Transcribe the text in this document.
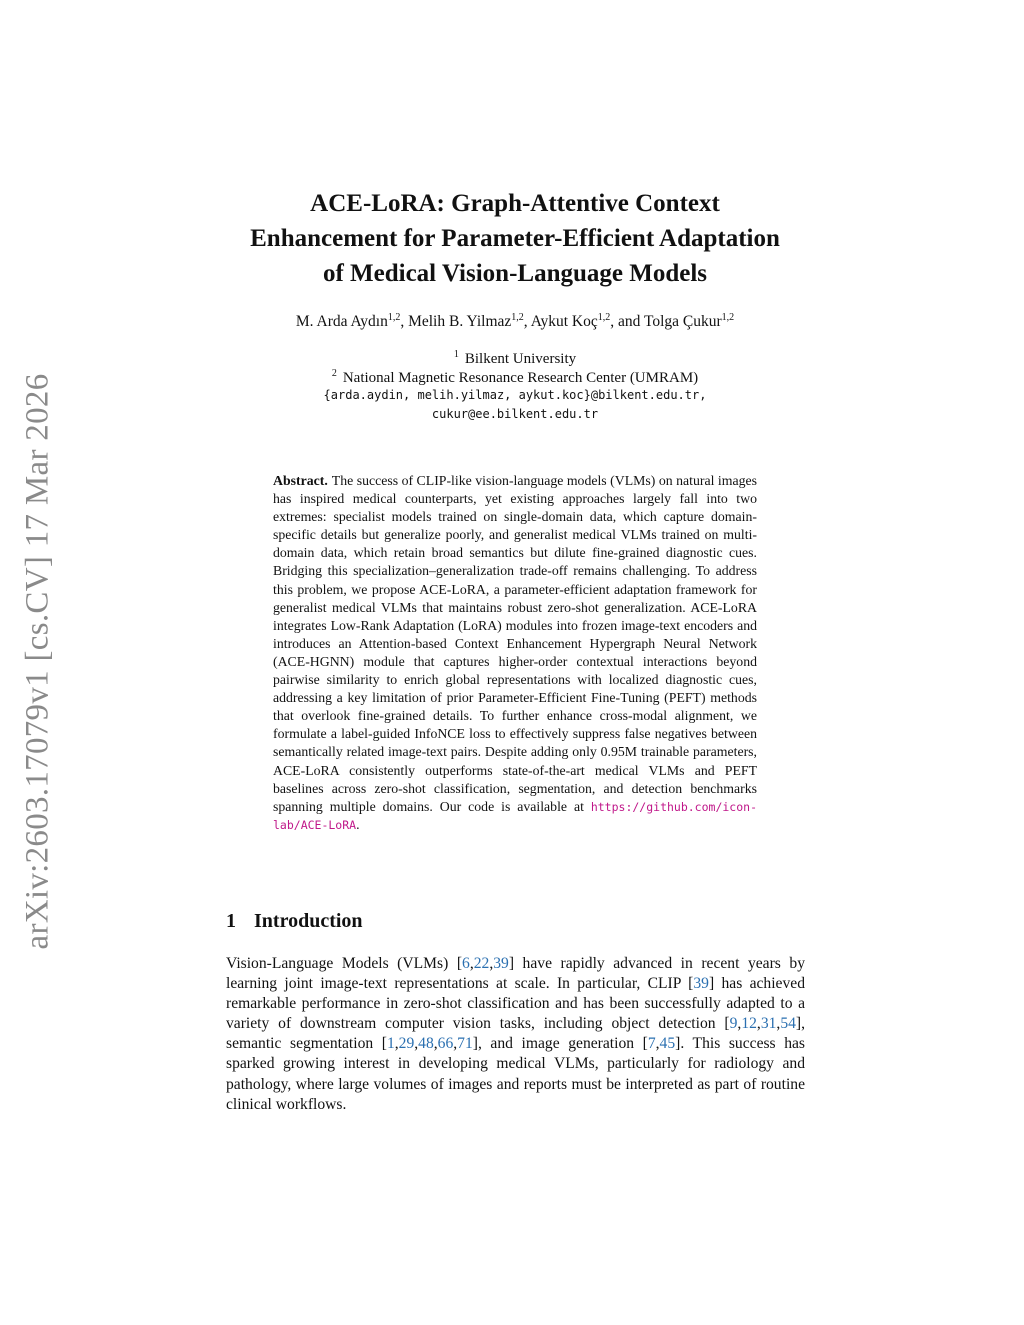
arXiv:2603.17079v1 [cs.CV] 17 Mar 2026
ACE-LoRA: Graph-Attentive Context
Enhancement for Parameter-Efficient Adaptation
of Medical Vision-Language Models
M. Arda Aydın$^{1,2}$, Melih B. Yilmaz$^{1,2}$, Aykut Koç$^{1,2}$, and Tolga Çukur$^{1,2}$
$^1$ Bilkent University
$^2$ National Magnetic Resonance Research Center (UMRAM)
{arda.aydin, melih.yilmaz, aykut.koc}@bilkent.edu.tr,
cukur@ee.bilkent.edu.tr
Abstract. The success of CLIP-like vision-language models (VLMs) on natural images has inspired medical counterparts, yet existing approaches largely fall into two extremes: specialist models trained on single-domain data, which capture domain-specific details but generalize poorly, and generalist medical VLMs trained on multi-domain data, which retain broad semantics but dilute fine-grained diagnostic cues. Bridging this specialization–generalization trade-off remains challenging. To address this problem, we propose ACE-LoRA, a parameter-efficient adaptation framework for generalist medical VLMs that maintains robust zero-shot generalization. ACE-LoRA integrates Low-Rank Adaptation (LoRA) modules into frozen image-text encoders and introduces an Attention-based Context Enhancement Hypergraph Neural Network (ACE-HGNN) module that captures higher-order contextual interactions beyond pairwise similarity to enrich global representations with localized diagnostic cues, addressing a key limitation of prior Parameter-Efficient Fine-Tuning (PEFT) methods that overlook fine-grained details. To further enhance cross-modal alignment, we formulate a label-guided InfoNCE loss to effectively suppress false negatives between semantically related image-text pairs. Despite adding only 0.95M trainable parameters, ACE-LoRA consistently outperforms state-of-the-art medical VLMs and PEFT baselines across zero-shot classification, segmentation, and detection benchmarks spanning multiple domains. Our code is available at https://github.com/icon-lab/ACE-LoRA.
1 Introduction
Vision-Language Models (VLMs) [6,22,39] have rapidly advanced in recent years by learning joint image-text representations at scale. In particular, CLIP [39] has achieved remarkable performance in zero-shot classification and has been successfully adapted to a variety of downstream computer vision tasks, including object detection [9,12,31,54], semantic segmentation [1,29,48,66,71], and image generation [7,45]. This success has sparked growing interest in developing medical VLMs, particularly for radiology and pathology, where large volumes of images and reports must be interpreted as part of routine clinical workflows.
